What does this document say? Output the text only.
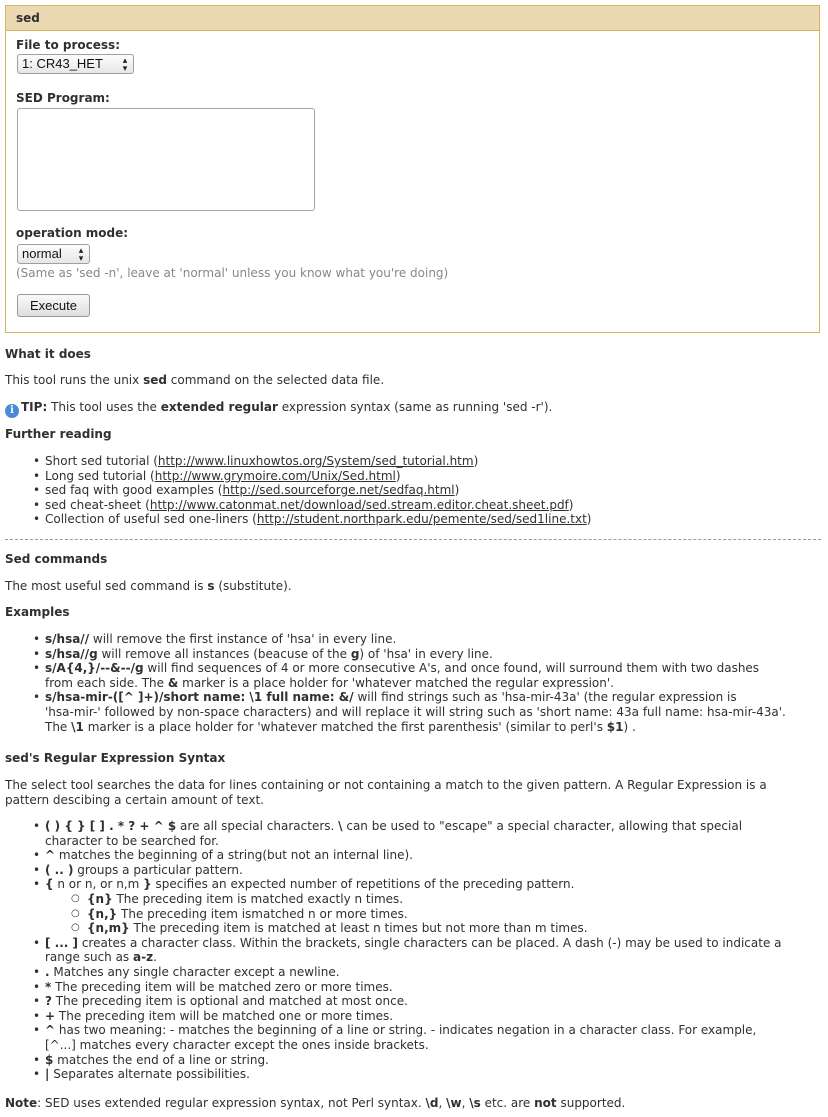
sed
File to process:
1: CR43_HET ▴
▾
SED Program:
operation mode:
normal ▴
▾
(Same as 'sed -n', leave at 'normal' unless you know what you're doing)
Execute
What it does
This tool runs the unix sed command on the selected data file.
i TIP: This tool uses the extended regular expression syntax (same as running 'sed -r').
Further reading
• Short sed tutorial (http://www.linuxhowtos.org/System/sed_tutorial.htm)
• Long sed tutorial (http://www.grymoire.com/Unix/Sed.html)
• sed faq with good examples (http://sed.sourceforge.net/sedfaq.html)
• sed cheat-sheet (http://www.catonmat.net/download/sed.stream.editor.cheat.sheet.pdf)
• Collection of useful sed one-liners (http://student.northpark.edu/pemente/sed/sed1line.txt)
Sed commands
The most useful sed command is s (substitute).
Examples
• s/hsa// will remove the first instance of 'hsa' in every line.
• s/hsa//g will remove all instances (beacuse of the g) of 'hsa' in every line.
• s/A{4,}/--&--/g will find sequences of 4 or more consecutive A's, and once found, will surround them with two dashes
from each side. The & marker is a place holder for 'whatever matched the regular expression'.
• s/hsa-mir-([^ ]+)/short name: \1 full name: &/ will find strings such as 'hsa-mir-43a' (the regular expression is
'hsa-mir-' followed by non-space characters) and will replace it will string such as 'short name: 43a full name: hsa-mir-43a'.
The \1 marker is a place holder for 'whatever matched the first parenthesis' (similar to perl's $1) .
sed's Regular Expression Syntax
The select tool searches the data for lines containing or not containing a match to the given pattern. A Regular Expression is a
pattern descibing a certain amount of text.
• ( ) { } [ ] . * ? + ^ $ are all special characters. \ can be used to "escape" a special character, allowing that special
character to be searched for.
• ^ matches the beginning of a string(but not an internal line).
• ( .. ) groups a particular pattern.
• { n or n, or n,m } specifies an expected number of repetitions of the preceding pattern.
○ {n} The preceding item is matched exactly n times.
○ {n,} The preceding item ismatched n or more times.
○ {n,m} The preceding item is matched at least n times but not more than m times.
• [ ... ] creates a character class. Within the brackets, single characters can be placed. A dash (-) may be used to indicate a
range such as a-z.
• . Matches any single character except a newline.
• * The preceding item will be matched zero or more times.
• ? The preceding item is optional and matched at most once.
• + The preceding item will be matched one or more times.
• ^ has two meaning: - matches the beginning of a line or string. - indicates negation in a character class. For example,
[^...] matches every character except the ones inside brackets.
• $ matches the end of a line or string.
• | Separates alternate possibilities.
Note: SED uses extended regular expression syntax, not Perl syntax. \d, \w, \s etc. are not supported.
